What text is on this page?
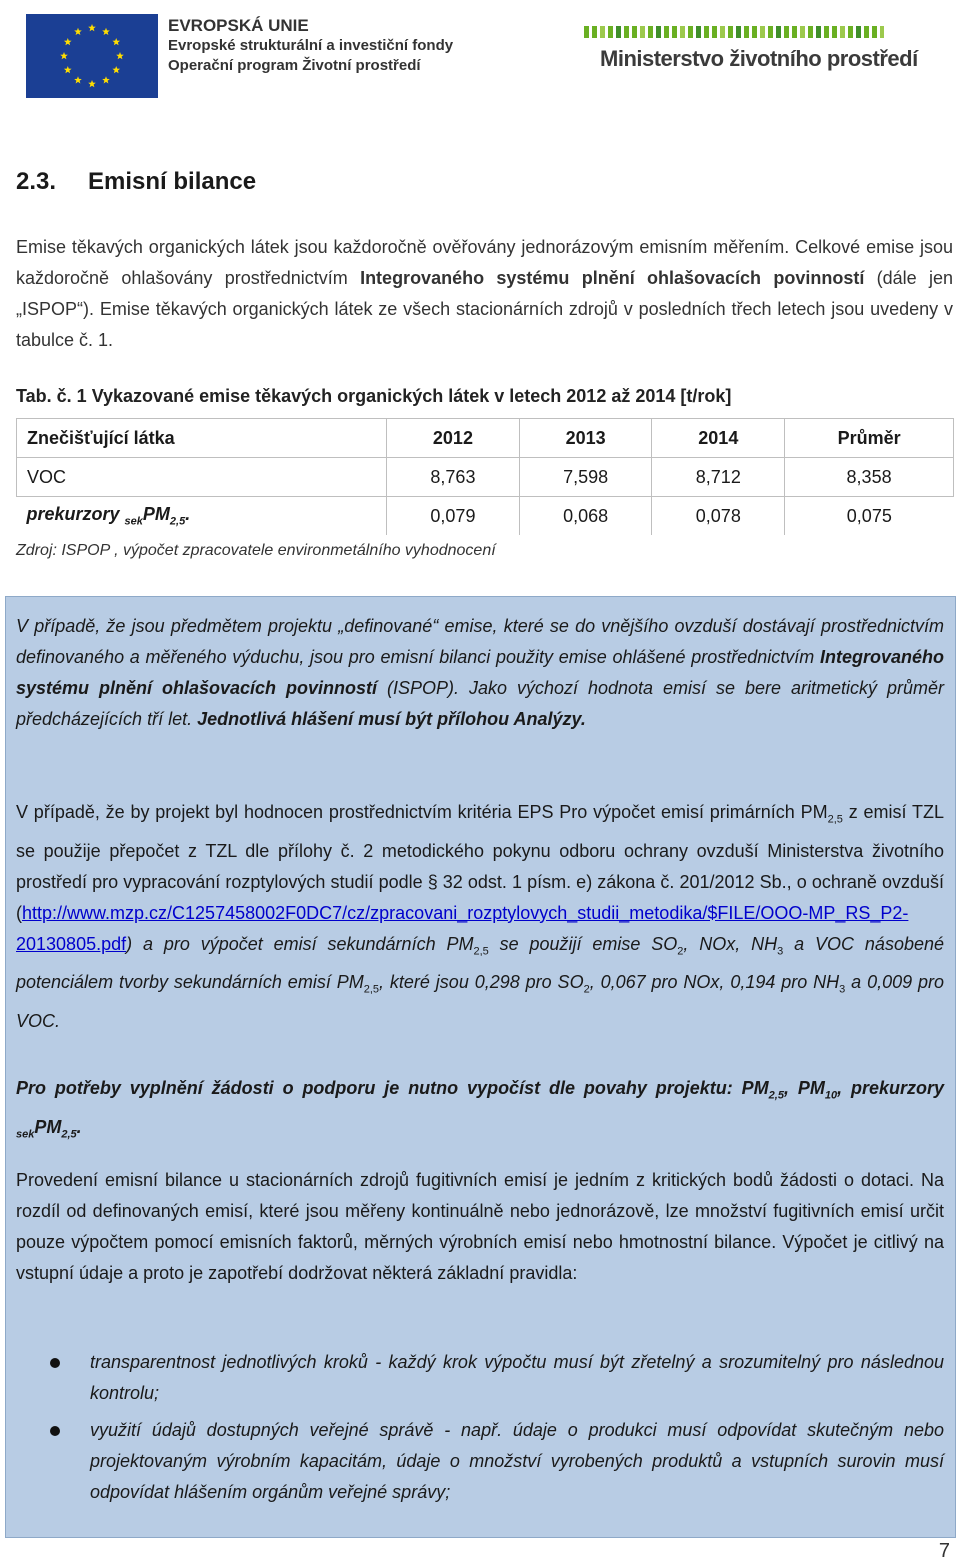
EVROPSKÁ UNIE
Evropské strukturální a investiční fondy
Operační program Životní prostředí	Ministerstvo životního prostředí
2.3. Emisní bilance
Emise těkavých organických látek jsou každoročně ověřovány jednorázovým emisním měřením. Celkové emise jsou každoročně ohlašovány prostřednictvím Integrovaného systému plnění ohlašovacích povinností (dále jen „ISPOP“). Emise těkavých organických látek ze všech stacionárních zdrojů v posledních třech letech jsou uvedeny v tabulce č. 1.
Tab. č. 1 Vykazované emise těkavých organických látek v letech 2012 až 2014 [t/rok]
Znečišťující látka	2012	2013	2014	Průměr
VOC	8,763	7,598	8,712	8,358
prekurzory $_{sek}PM_{2,5}$.	0,079	0,068	0,078	0,075
Zdroj: ISPOP , výpočet zpracovatele environmetálního vyhodnocení

V případě, že jsou předmětem projektu „definované“ emise, které se do vnějšího ovzduší dostávají prostřednictvím definovaného a měřeného výduchu, jsou pro emisní bilanci použity emise ohlášené prostřednictvím Integrovaného systému plnění ohlašovacích povinností (ISPOP). Jako výchozí hodnota emisí se bere aritmetický průměr předcházejících tří let. Jednotlivá hlášení musí být přílohou Analýzy.

V případě, že by projekt byl hodnocen prostřednictvím kritéria EPS Pro výpočet emisí primárních $PM_{2,5}$ z emisí TZL se použije přepočet z TZL dle přílohy č. 2 metodického pokynu odboru ochrany ovzduší Ministerstva životního prostředí pro vypracování rozptylových studií podle § 32 odst. 1 písm. e) zákona č. 201/2012 Sb., o ochraně ovzduší (http://www.mzp.cz/C1257458002F0DC7/cz/zpracovani_rozptylovych_studii_metodika/$FILE/OOO-MP_RS_P2-20130805.pdf) a pro výpočet emisí sekundárních $PM_{2,5}$ se použijí emise $SO_2$, NOx, $NH_3$ a VOC násobené potenciálem tvorby sekundárních emisí $PM_{2,5}$, které jsou 0,298 pro $SO_2$, 0,067 pro NOx, 0,194 pro $NH_3$ a 0,009 pro VOC.

Pro potřeby vyplnění žádosti o podporu je nutno vypočíst dle povahy projektu: $PM_{2,5}$, $PM_{10}$, prekurzory $_{sek}PM_{2,5}$.

Provedení emisní bilance u stacionárních zdrojů fugitivních emisí je jedním z kritických bodů žádosti o dotaci. Na rozdíl od definovaných emisí, které jsou měřeny kontinuálně nebo jednorázově, lze množství fugitivních emisí určit pouze výpočtem pomocí emisních faktorů, měrných výrobních emisí nebo hmotnostní bilance. Výpočet je citlivý na vstupní údaje a proto je zapotřebí dodržovat některá základní pravidla:

transparentnost jednotlivých kroků - každý krok výpočtu musí být zřetelný a srozumitelný pro následnou kontrolu;

využití údajů dostupných veřejné správě - např. údaje o produkci musí odpovídat skutečným nebo projektovaným výrobním kapacitám, údaje o množství vyrobených produktů a vstupních surovin musí odpovídat hlášením orgánům veřejné správy;

7
